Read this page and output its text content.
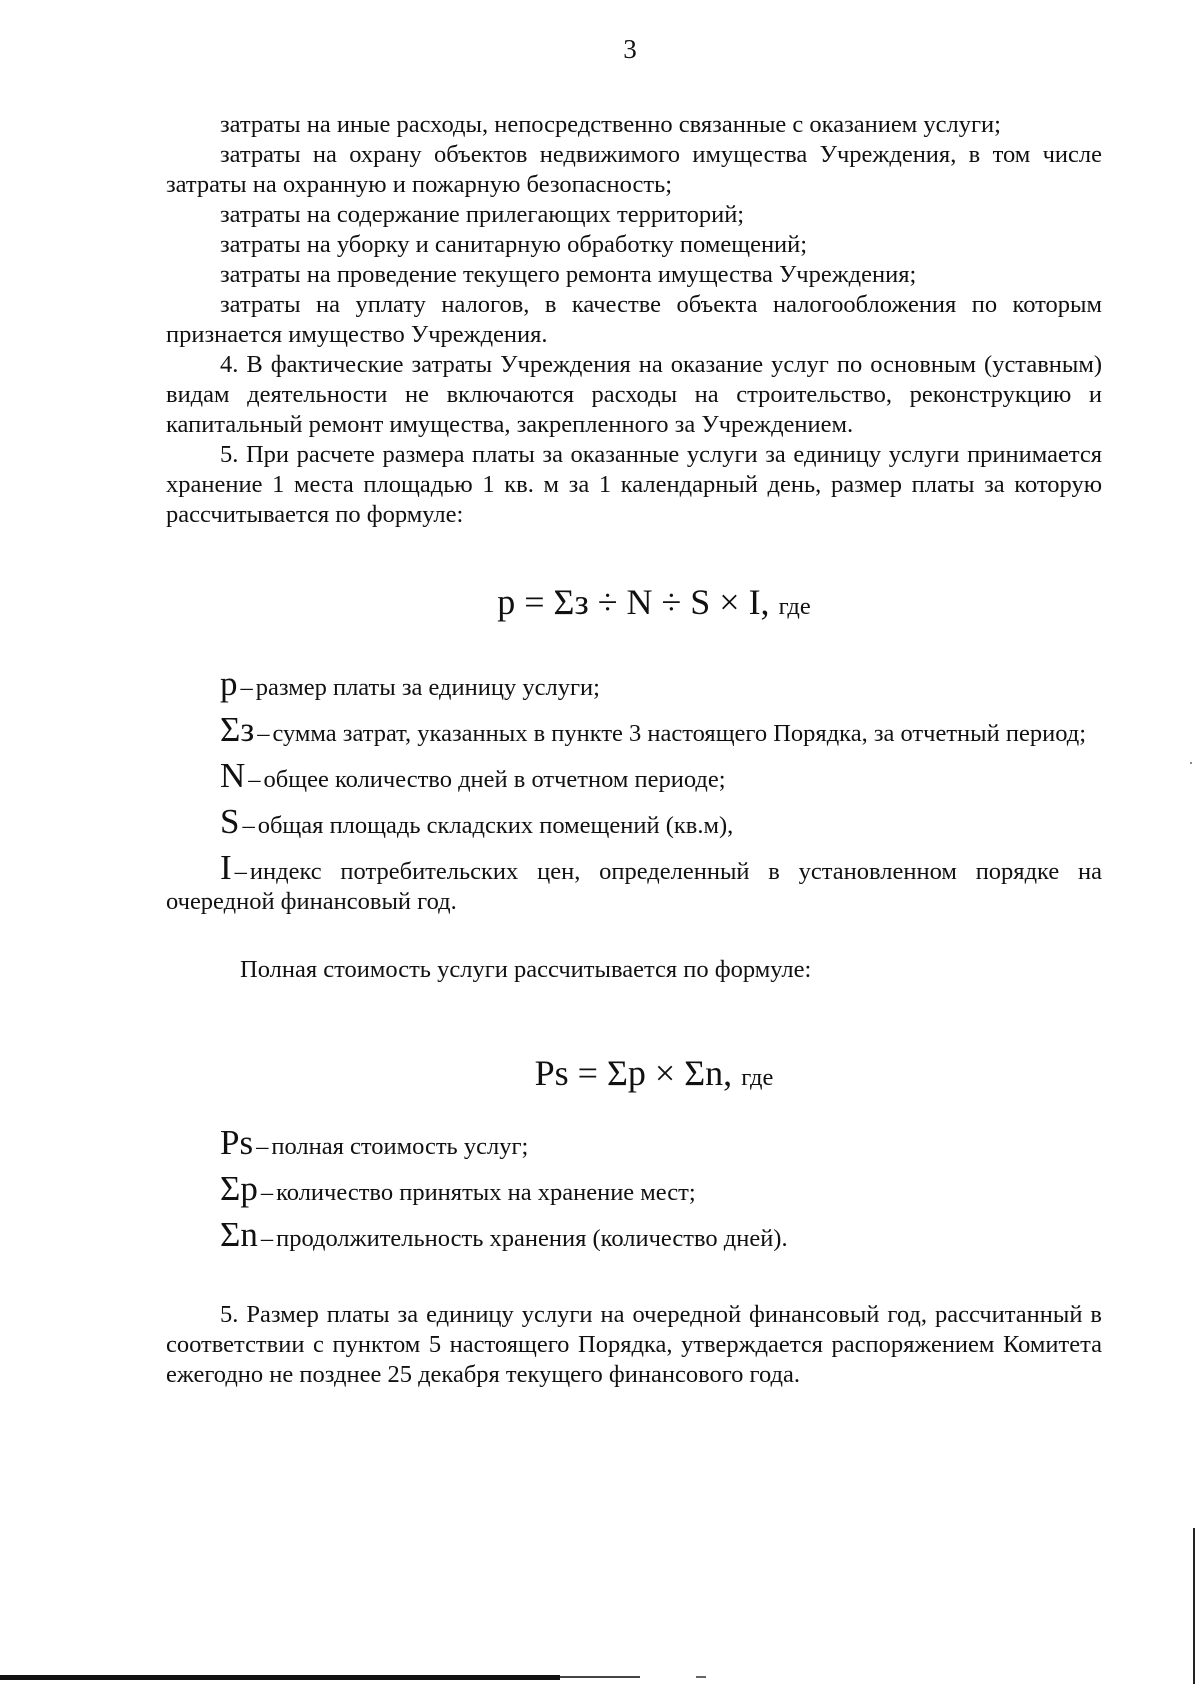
3

затраты на иные расходы, непосредственно связанные с оказанием услуги;

затраты на охрану объектов недвижимого имущества Учреждения, в том числе затраты на охранную и пожарную безопасность;

затраты на содержание прилегающих территорий;

затраты на уборку и санитарную обработку помещений;

затраты на проведение текущего ремонта имущества Учреждения;

затраты на уплату налогов, в качестве объекта налогообложения по которым признается имущество Учреждения.

4. В фактические затраты Учреждения на оказание услуг по основным (уставным) видам деятельности не включаются расходы на строительство, реконструкцию и капитальный ремонт имущества, закрепленного за Учреждением.

5. При расчете размера платы за оказанные услуги за единицу услуги принимается хранение 1 места площадью 1 кв. м за 1 календарный день, размер платы за которую рассчитывается по формуле:

p = Σз ÷ N ÷ S × I, где

p – размер платы за единицу услуги;

Σз – сумма затрат, указанных в пункте 3 настоящего Порядка, за отчетный период;

N – общее количество дней в отчетном периоде;

S – общая площадь складских помещений (кв.м),

I – индекс потребительских цен, определенный в установленном порядке на очередной финансовый год.

Полная стоимость услуги рассчитывается по формуле:

Ps = Σp × Σn, где

Ps – полная стоимость услуг;

Σp – количество принятых на хранение мест;

Σn – продолжительность хранения (количество дней).

5. Размер платы за единицу услуги на очередной финансовый год, рассчитанный в соответствии с пунктом 5 настоящего Порядка, утверждается распоряжением Комитета ежегодно не позднее 25 декабря текущего финансового года.
